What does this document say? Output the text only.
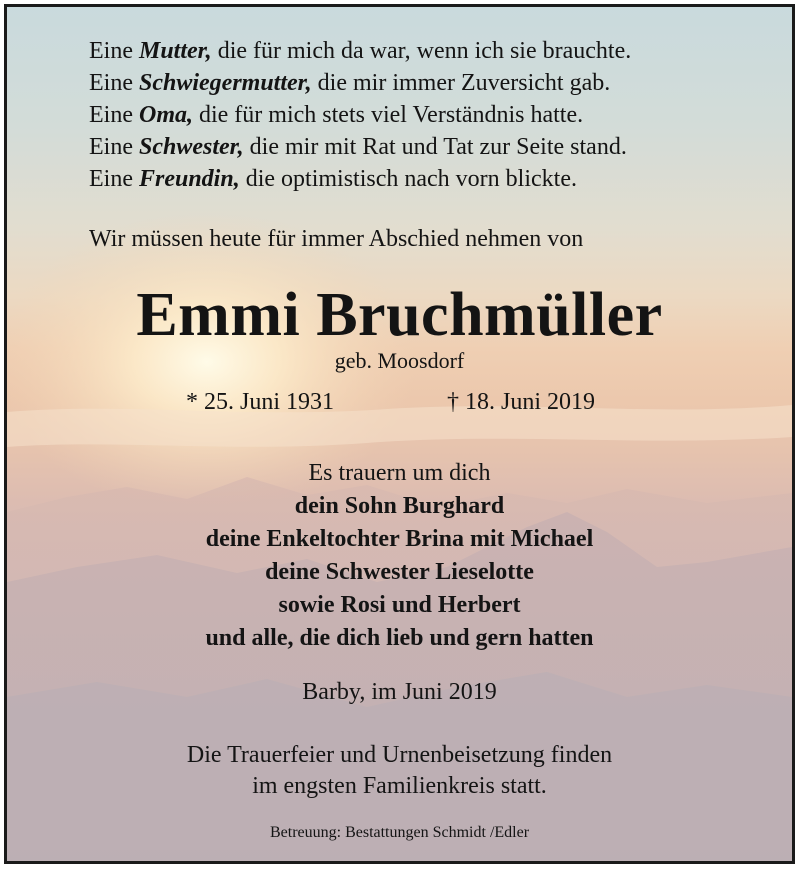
Eine Mutter, die für mich da war, wenn ich sie brauchte.
Eine Schwiegermutter, die mir immer Zuversicht gab.
Eine Oma, die für mich stets viel Verständnis hatte.
Eine Schwester, die mir mit Rat und Tat zur Seite stand.
Eine Freundin, die optimistisch nach vorn blickte.
Wir müssen heute für immer Abschied nehmen von
Emmi Bruchmüller
geb. Moosdorf
* 25. Juni 1931	† 18. Juni 2019
Es trauern um dich
dein Sohn Burghard
deine Enkeltochter Brina mit Michael
deine Schwester Lieselotte
sowie Rosi und Herbert
und alle, die dich lieb und gern hatten
Barby, im Juni 2019
Die Trauerfeier und Urnenbeisetzung finden
im engsten Familienkreis statt.
Betreuung: Bestattungen Schmidt /Edler
